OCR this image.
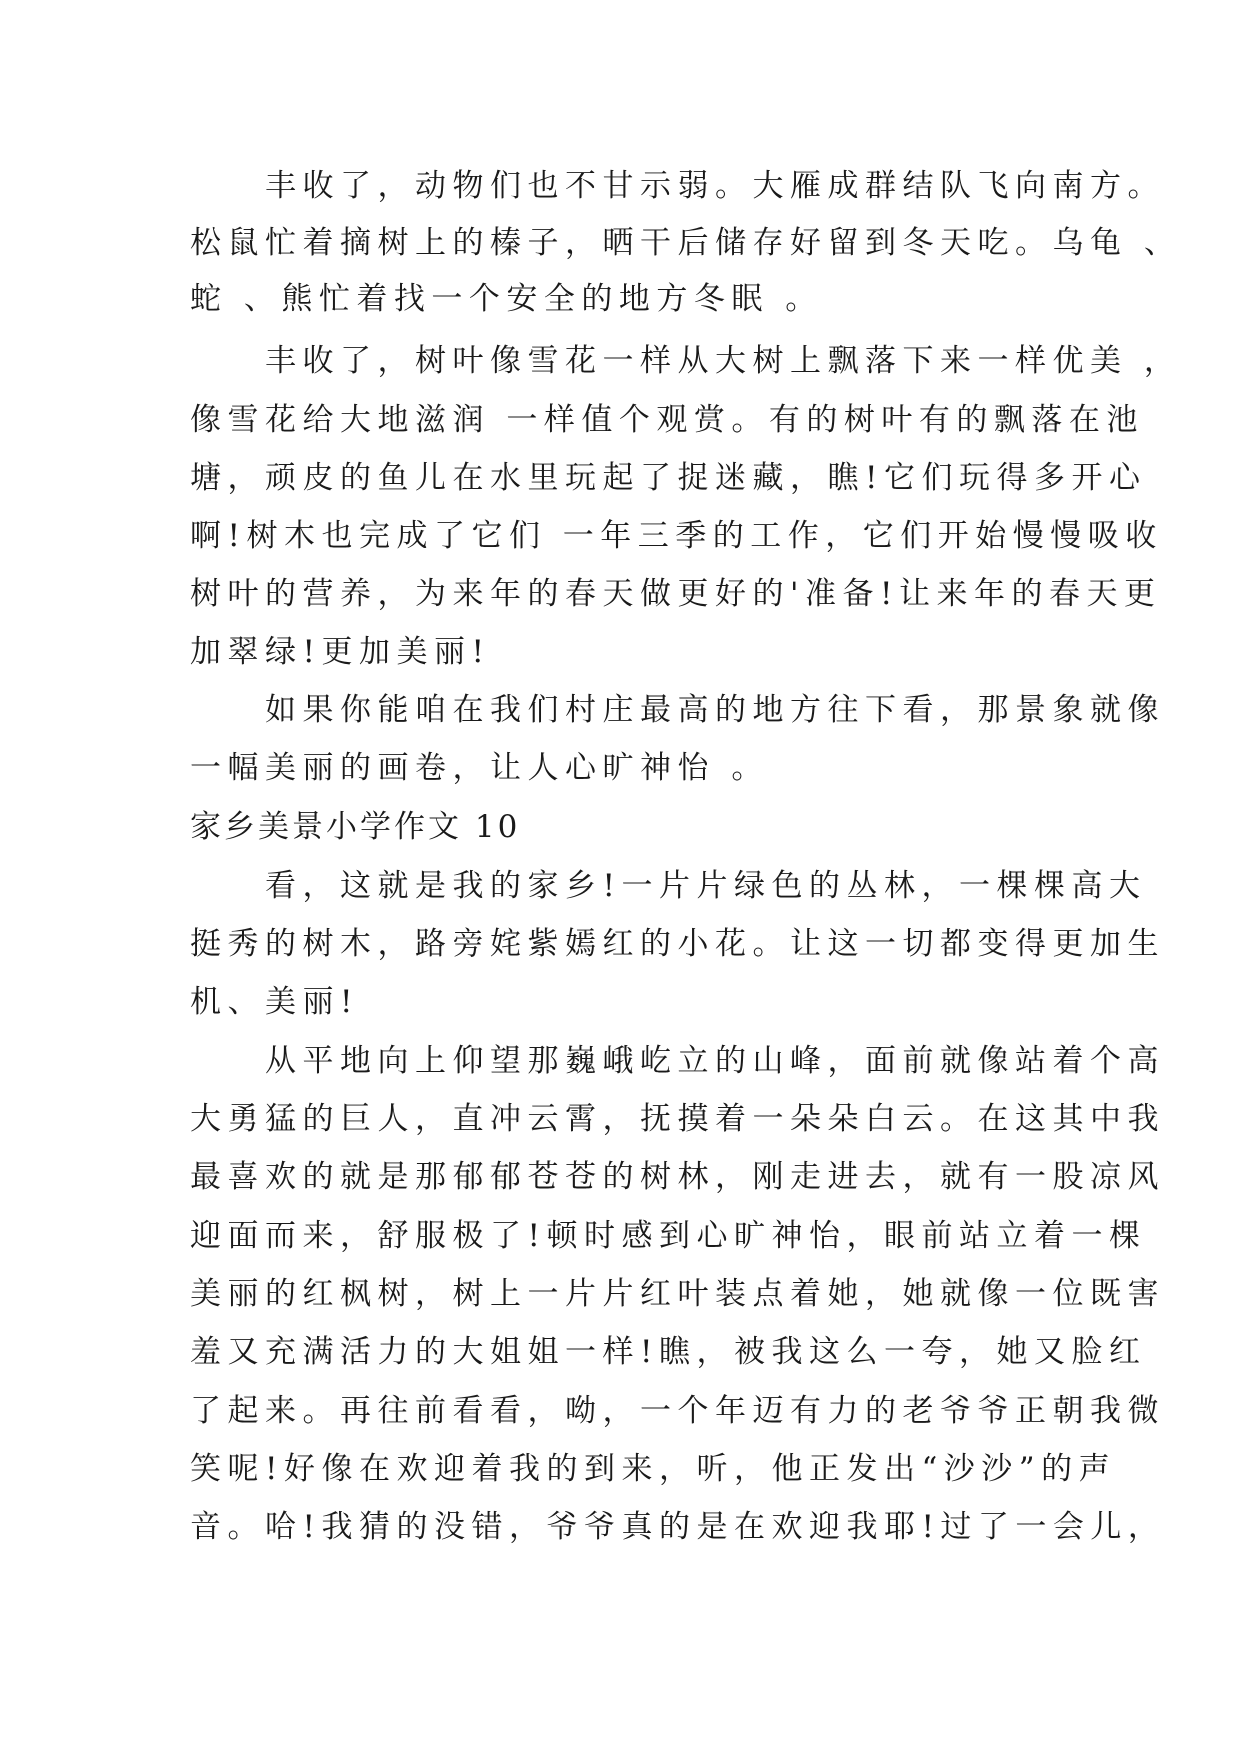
　　丰收了，动物们也不甘示弱。大雁成群结队飞向南方。
松鼠忙着摘树上的榛子，晒干后储存好留到冬天吃。乌龟 、
蛇 、熊忙着找一个安全的地方冬眠 。
　　丰收了，树叶像雪花一样从大树上飘落下来一样优美 ，
像雪花给大地滋润 一样值个观赏。有的树叶有的飘落在池
塘，顽皮的鱼儿在水里玩起了捉迷藏，瞧!它们玩得多开心
啊!树木也完成了它们 一年三季的工作，它们开始慢慢吸收
树叶的营养，为来年的春天做更好的'准备!让来年的春天更
加翠绿!更加美丽!
　　如果你能咱在我们村庄最高的地方往下看，那景象就像
一幅美丽的画卷，让人心旷神怡 。
家乡美景小学作文 10
　　看，这就是我的家乡!一片片绿色的丛林，一棵棵高大
挺秀的树木，路旁姹紫嫣红的小花。让这一切都变得更加生
机、美丽!
　　从平地向上仰望那巍峨屹立的山峰，面前就像站着个高
大勇猛的巨人，直冲云霄，抚摸着一朵朵白云。在这其中我
最喜欢的就是那郁郁苍苍的树林，刚走进去，就有一股凉风
迎面而来，舒服极了!顿时感到心旷神怡，眼前站立着一棵
美丽的红枫树，树上一片片红叶装点着她，她就像一位既害
羞又充满活力的大姐姐一样!瞧，被我这么一夸，她又脸红
了起来。再往前看看，呦，一个年迈有力的老爷爷正朝我微
笑呢!好像在欢迎着我的到来，听，他正发出“沙沙”的声
音。哈!我猜的没错，爷爷真的是在欢迎我耶!过了一会儿，
